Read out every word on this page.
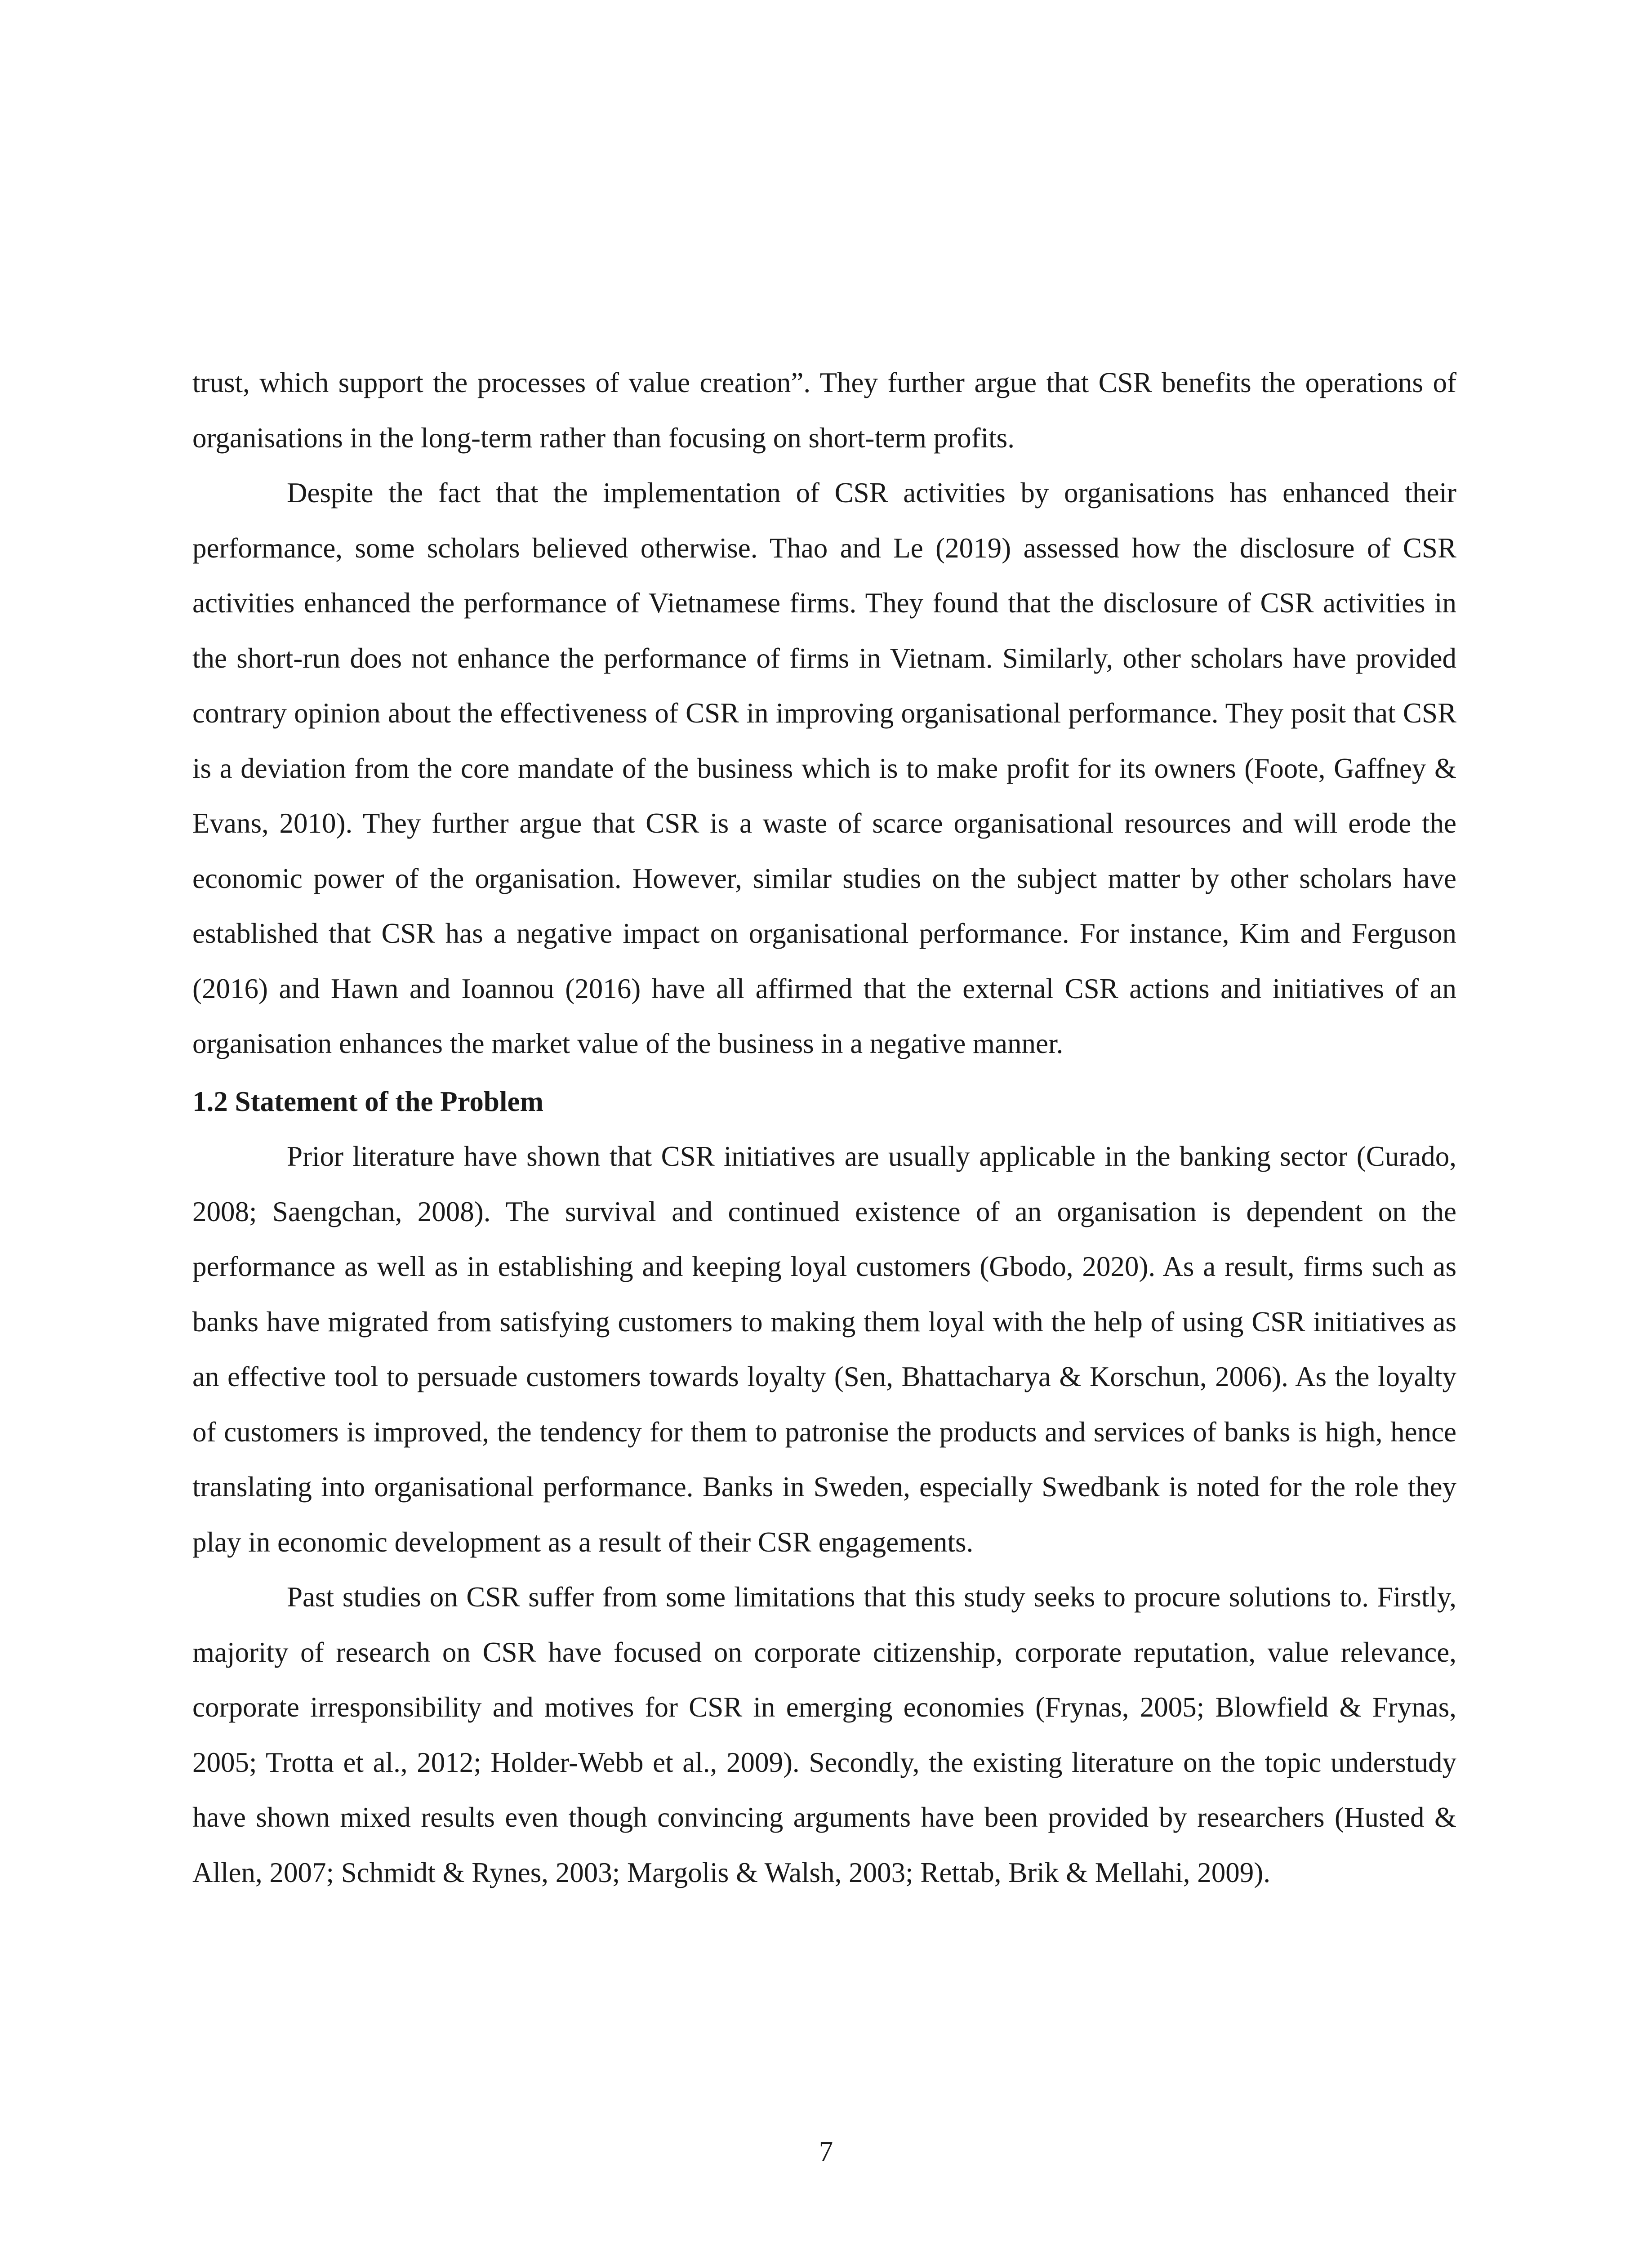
trust, which support the processes of value creation”. They further argue that CSR benefits the operations of organisations in the long-term rather than focusing on short-term profits.

Despite the fact that the implementation of CSR activities by organisations has enhanced their performance, some scholars believed otherwise. Thao and Le (2019) assessed how the disclosure of CSR activities enhanced the performance of Vietnamese firms. They found that the disclosure of CSR activities in the short-run does not enhance the performance of firms in Vietnam. Similarly, other scholars have provided contrary opinion about the effectiveness of CSR in improving organisational performance. They posit that CSR is a deviation from the core mandate of the business which is to make profit for its owners (Foote, Gaffney & Evans, 2010). They further argue that CSR is a waste of scarce organisational resources and will erode the economic power of the organisation. However, similar studies on the subject matter by other scholars have established that CSR has a negative impact on organisational performance. For instance, Kim and Ferguson (2016) and Hawn and Ioannou (2016) have all affirmed that the external CSR actions and initiatives of an organisation enhances the market value of the business in a negative manner.

1.2 Statement of the Problem

Prior literature have shown that CSR initiatives are usually applicable in the banking sector (Curado, 2008; Saengchan, 2008). The survival and continued existence of an organisation is dependent on the performance as well as in establishing and keeping loyal customers (Gbodo, 2020). As a result, firms such as banks have migrated from satisfying customers to making them loyal with the help of using CSR initiatives as an effective tool to persuade customers towards loyalty (Sen, Bhattacharya & Korschun, 2006). As the loyalty of customers is improved, the tendency for them to patronise the products and services of banks is high, hence translating into organisational performance. Banks in Sweden, especially Swedbank is noted for the role they play in economic development as a result of their CSR engagements.

Past studies on CSR suffer from some limitations that this study seeks to procure solutions to. Firstly, majority of research on CSR have focused on corporate citizenship, corporate reputation, value relevance, corporate irresponsibility and motives for CSR in emerging economies (Frynas, 2005; Blowfield & Frynas, 2005; Trotta et al., 2012; Holder-Webb et al., 2009). Secondly, the existing literature on the topic understudy have shown mixed results even though convincing arguments have been provided by researchers (Husted & Allen, 2007; Schmidt & Rynes, 2003; Margolis & Walsh, 2003; Rettab, Brik & Mellahi, 2009).

7
